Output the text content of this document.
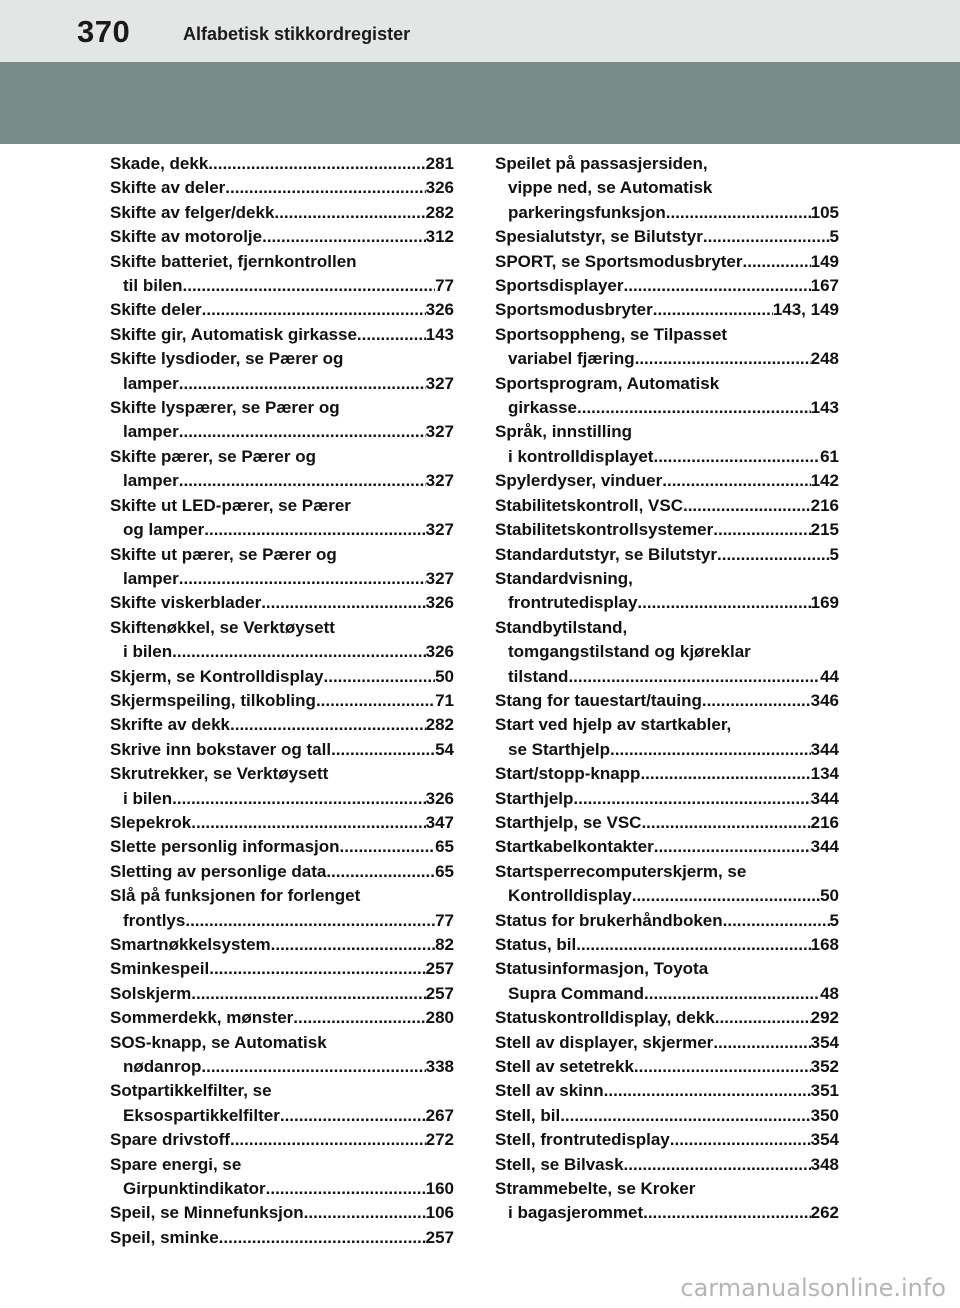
370	Alfabetisk stikkordregister
Skade, dekk .....	281
Skifte av deler .....	326
Skifte av felger/dekk .....	282
Skifte av motorolje .....	312
Skifte batteriet, fjernkontrollen
til bilen .....	77
Skifte deler .....	326
Skifte gir, Automatisk girkasse .....	143
Skifte lysdioder, se Pærer og
lamper .....	327
Skifte lyspærer, se Pærer og
lamper .....	327
Skifte pærer, se Pærer og
lamper .....	327
Skifte ut LED-pærer, se Pærer
og lamper .....	327
Skifte ut pærer, se Pærer og
lamper .....	327
Skifte viskerblader .....	326
Skiftenøkkel, se Verktøysett
i bilen .....	326
Skjerm, se Kontrolldisplay .....	50
Skjermspeiling, tilkobling .....	71
Skrifte av dekk .....	282
Skrive inn bokstaver og tall .....	54
Skrutrekker, se Verktøysett
i bilen .....	326
Slepekrok .....	347
Slette personlig informasjon .....	65
Sletting av personlige data .....	65
Slå på funksjonen for forlenget
frontlys .....	77
Smartnøkkelsystem .....	82
Sminkespeil .....	257
Solskjerm .....	257
Sommerdekk, mønster .....	280
SOS-knapp, se Automatisk
nødanrop .....	338
Sotpartikkelfilter, se
Eksospartikkelfilter .....	267
Spare drivstoff .....	272
Spare energi, se
Girpunktindikator .....	160
Speil, se Minnefunksjon .....	106
Speil, sminke .....	257
Speilet på passasjersiden,
vippe ned, se Automatisk
parkeringsfunksjon .....	105
Spesialutstyr, se Bilutstyr .....	5
SPORT, se Sportsmodusbryter .....	149
Sportsdisplayer .....	167
Sportsmodusbryter .....	143, 149
Sportsoppheng, se Tilpasset
variabel fjæring .....	248
Sportsprogram, Automatisk
girkasse .....	143
Språk, innstilling
i kontrolldisplayet .....	61
Spylerdyser, vinduer .....	142
Stabilitetskontroll, VSC .....	216
Stabilitetskontrollsystemer .....	215
Standardutstyr, se Bilutstyr .....	5
Standardvisning,
frontrutedisplay .....	169
Standbytilstand,
tomgangstilstand og kjøreklar
tilstand .....	44
Stang for tauestart/tauing .....	346
Start ved hjelp av startkabler,
se Starthjelp .....	344
Start/stopp-knapp .....	134
Starthjelp .....	344
Starthjelp, se VSC .....	216
Startkabelkontakter .....	344
Startsperrecomputerskjerm, se
Kontrolldisplay .....	50
Status for brukerhåndboken .....	5
Status, bil .....	168
Statusinformasjon, Toyota
Supra Command .....	48
Statuskontrolldisplay, dekk .....	292
Stell av displayer, skjermer .....	354
Stell av setetrekk .....	352
Stell av skinn .....	351
Stell, bil .....	350
Stell, frontrutedisplay .....	354
Stell, se Bilvask .....	348
Strammebelte, se Kroker
i bagasjerommet .....	262
carmanualsonline.info
